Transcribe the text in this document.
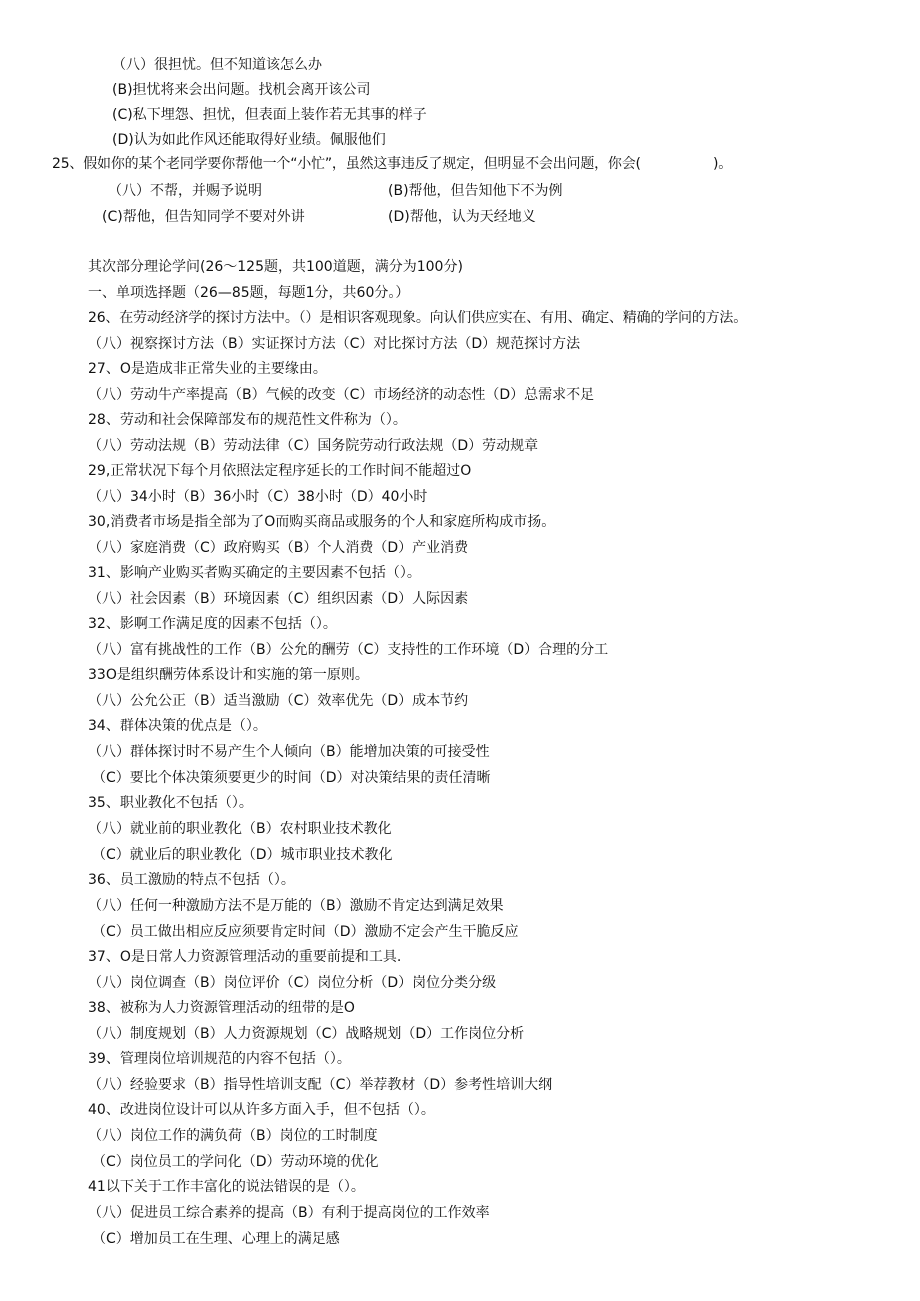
（八）很担忧。但不知道该怎么办

(B)担忧将来会出问题。找机会离开该公司

(C)私下埋怨、担忧，但表面上装作若无其事的样子

(D)认为如此作风还能取得好业绩。佩服他们

25、假如你的某个老同学要你帮他一个“小忙”，虽然这事违反了规定，但明显不会出问题，你会(                 )。

（八）不帮，并赐予说明	(B)帮他，但告知他下不为例

(C)帮他，但告知同学不要对外讲	(D)帮他，认为天经地义

其次部分理论学问(26〜125题，共100道题，满分为100分)

一、单项选择题（26—85题，每题1分，共60分。）

26、在劳动经济学的探讨方法中。（）是相识客观现象。向认们供应实在、有用、确定、精确的学问的方法。

（八）视察探讨方法（B）实证探讨方法（C）对比探讨方法（D）规范探讨方法

27、O是造成非正常失业的主要缘由。

（八）劳动牛产率提高（B）气候的改变（C）市场经济的动态性（D）总需求不足

28、劳动和社会保障部发布的规范性文件称为（）。

（八）劳动法规（B）劳动法律（C）国务院劳动行政法规（D）劳动规章

29,正常状况下每个月依照法定程序延长的工作时间不能超过O

（八）34小时（B）36小时（C）38小时（D）40小时

30,消费者市场是指全部为了O而购买商品或服务的个人和家庭所构成市扬。

（八）家庭消费（C）政府购买（B）个人消费（D）产业消费

31、影响产业购买者购买确定的主要因素不包括（）。

（八）社会因素（B）环境因素（C）组织因素（D）人际因素

32、影啊工作满足度的因素不包括（）。

（八）富有挑战性的工作（B）公允的酬劳（C）支持性的工作环境（D）合理的分工

33O是组织酬劳体系设计和实施的第一原则。

（八）公允公正（B）适当激励（C）效率优先（D）成本节约

34、群体决策的优点是（）。

（八）群体探讨时不易产生个人倾向（B）能增加决策的可接受性

（C）要比个体决策须要更少的时间（D）对决策结果的责任清晰

35、职业教化不包括（）。

（八）就业前的职业教化（B）农村职业技术教化

（C）就业后的职业教化（D）城市职业技术教化

36、员工激励的特点不包括（）。

（八）任何一种激励方法不是万能的（B）激励不肯定达到满足效果

（C）员工做出相应反应须要肯定时间（D）激励不定会产生干脆反应

37、O是日常人力资源管理活动的重要前提和工具.

（八）岗位调查（B）岗位评价（C）岗位分析（D）岗位分类分级

38、被称为人力资源管理活动的纽带的是O

（八）制度规划（B）人力资源规划（C）战略规划（D）工作岗位分析

39、管理岗位培训规范的内容不包括（）。

（八）经验要求（B）指导性培训支配（C）举荐教材（D）参考性培训大纲

40、改进岗位设计可以从许多方面入手，但不包括（）。

（八）岗位工作的满负荷（B）岗位的工时制度

（C）岗位员工的学问化（D）劳动环境的优化

41以下关于工作丰富化的说法错误的是（）。

（八）促进员工综合素养的提高（B）有利于提高岗位的工作效率

（C）增加员工在生理、心理上的满足感
